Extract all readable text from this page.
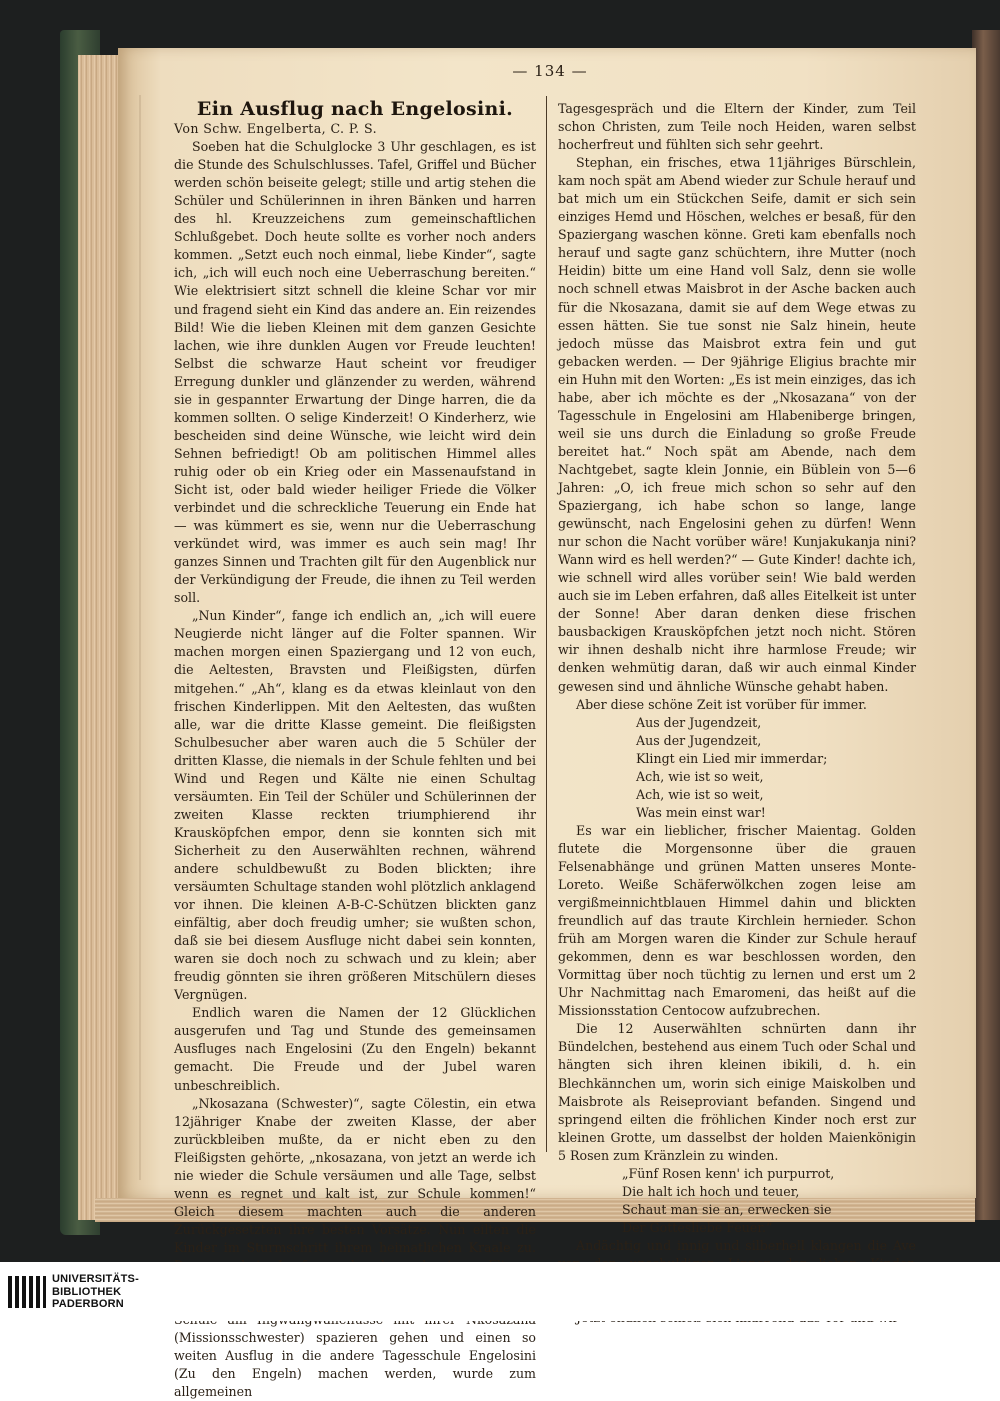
— 134 —
Ein Ausflug nach Engelosini.

Von Schw. Engelberta, C. P. S.

Soeben hat die Schulglocke 3 Uhr geschlagen, es ist die Stunde des Schulschlusses. Tafel, Griffel und Bücher werden schön beiseite gelegt; stille und artig stehen die Schüler und Schülerinnen in ihren Bänken und harren des hl. Kreuzzeichens zum gemeinschaftlichen Schlußgebet. Doch heute sollte es vorher noch anders kommen. „Setzt euch noch einmal, liebe Kinder“, sagte ich, „ich will euch noch eine Ueberraschung bereiten.“ Wie elektrisiert sitzt schnell die kleine Schar vor mir und fragend sieht ein Kind das andere an. Ein reizendes Bild! Wie die lieben Kleinen mit dem ganzen Gesichte lachen, wie ihre dunklen Augen vor Freude leuchten! Selbst die schwarze Haut scheint vor freudiger Erregung dunkler und glänzender zu werden, während sie in gespannter Erwartung der Dinge harren, die da kommen sollten. O selige Kinderzeit! O Kinderherz, wie bescheiden sind deine Wünsche, wie leicht wird dein Sehnen befriedigt! Ob am politischen Himmel alles ruhig oder ob ein Krieg oder ein Massenaufstand in Sicht ist, oder bald wieder heiliger Friede die Völker verbindet und die schreckliche Teuerung ein Ende hat — was kümmert es sie, wenn nur die Ueberraschung verkündet wird, was immer es auch sein mag! Ihr ganzes Sinnen und Trachten gilt für den Augenblick nur der Verkündigung der Freude, die ihnen zu Teil werden soll.

„Nun Kinder“, fange ich endlich an, „ich will euere Neugierde nicht länger auf die Folter spannen. Wir machen morgen einen Spaziergang und 12 von euch, die Aeltesten, Bravsten und Fleißigsten, dürfen mitgehen.“ „Ah“, klang es da etwas kleinlaut von den frischen Kinderlippen. Mit den Aeltesten, das wußten alle, war die dritte Klasse gemeint. Die fleißigsten Schulbesucher aber waren auch die 5 Schüler der dritten Klasse, die niemals in der Schule fehlten und bei Wind und Regen und Kälte nie einen Schultag versäumten. Ein Teil der Schüler und Schülerinnen der zweiten Klasse reckten triumphierend ihr Krausköpfchen empor, denn sie konnten sich mit Sicherheit zu den Auserwählten rechnen, während andere schuldbewußt zu Boden blickten; ihre versäumten Schultage standen wohl plötzlich anklagend vor ihnen. Die kleinen A-B-C-Schützen blickten ganz einfältig, aber doch freudig umher; sie wußten schon, daß sie bei diesem Ausfluge nicht dabei sein konnten, waren sie doch noch zu schwach und zu klein; aber freudig gönnten sie ihren größeren Mitschülern dieses Vergnügen.

Endlich waren die Namen der 12 Glücklichen ausgerufen und Tag und Stunde des gemeinsamen Ausfluges nach Engelosini (Zu den Engeln) bekannt gemacht. Die Freude und der Jubel waren unbeschreiblich.

„Nkosazana (Schwester)“, sagte Cölestin, ein etwa 12jähriger Knabe der zweiten Klasse, der aber zurückbleiben mußte, da er nicht eben zu den Fleißigsten gehörte, „nkosazana, von jetzt an werde ich nie wieder die Schule versäumen und alle Tage, selbst wenn es regnet und kalt ist, zur Schule kommen!“ Gleich diesem machten auch die anderen Zurückgesetzten ihre besten Vorsätze. Nun eilten die Kinder im Sturmschritt ihrem heimatlichen Kraale zu.

(Missionsschwester) spazieren gehen und einen so weiten Ausflug in die andere Tagesschule Engelosini (Zu den Engeln) machen werden, wurde zum allgemeinen

Tagesgespräch und die Eltern der Kinder, zum Teil schon Christen, zum Teile noch Heiden, waren selbst hocherfreut und fühlten sich sehr geehrt.

Stephan, ein frisches, etwa 11jähriges Bürschlein, kam noch spät am Abend wieder zur Schule herauf und bat mich um ein Stückchen Seife, damit er sich sein einziges Hemd und Höschen, welches er besaß, für den Spaziergang waschen könne. Greti kam ebenfalls noch herauf und sagte ganz schüchtern, ihre Mutter (noch Heidin) bitte um eine Hand voll Salz, denn sie wolle noch schnell etwas Maisbrot in der Asche backen auch für die Nkosazana, damit sie auf dem Wege etwas zu essen hätten. Sie tue sonst nie Salz hinein, heute jedoch müsse das Maisbrot extra fein und gut gebacken werden. — Der 9jährige Eligius brachte mir ein Huhn mit den Worten: „Es ist mein einziges, das ich habe, aber ich möchte es der „Nkosazana“ von der Tagesschule in Engelosini am Hlabeniberge bringen, weil sie uns durch die Einladung so große Freude bereitet hat.“ Noch spät am Abende, nach dem Nachtgebet, sagte klein Jonnie, ein Büblein von 5—6 Jahren: „O, ich freue mich schon so sehr auf den Spaziergang, ich habe schon so lange, lange gewünscht, nach Engelosini gehen zu dürfen! Wenn nur schon die Nacht vorüber wäre! Kunjakukanja nini? Wann wird es hell werden?“ — Gute Kinder! dachte ich, wie schnell wird alles vorüber sein! Wie bald werden auch sie im Leben erfahren, daß alles Eitelkeit ist unter der Sonne! Aber daran denken diese frischen bausbackigen Krausköpfchen jetzt noch nicht. Stören wir ihnen deshalb nicht ihre harmlose Freude; wir denken wehmütig daran, daß wir auch einmal Kinder gewesen sind und ähnliche Wünsche gehabt haben.

Aber diese schöne Zeit ist vorüber für immer.

Aus der Jugendzeit,
Aus der Jugendzeit,
Klingt ein Lied mir immerdar;
Ach, wie ist so weit,
Ach, wie ist so weit,
Was mein einst war!

Es war ein lieblicher, frischer Maientag. Golden flutete die Morgensonne über die grauen Felsenabhänge und grünen Matten unseres Monte-Loreto. Weiße Schäferwölkchen zogen leise am vergißmeinnichtblauen Himmel dahin und blickten freundlich auf das traute Kirchlein hernieder. Schon früh am Morgen waren die Kinder zur Schule herauf gekommen, denn es war beschlossen worden, den Vormittag über noch tüchtig zu lernen und erst um 2 Uhr Nachmittag nach Emaromeni, das heißt auf die Missionsstation Centocow aufzubrechen.

Die 12 Auserwählten schnürten dann ihr Bündelchen, bestehend aus einem Tuch oder Schal und hängten sich ihren kleinen ibikili, d. h. ein Blechkännchen um, worin sich einige Maiskolben und Maisbrote als Reiseproviant befanden. Singend und springend eilten die fröhlichen Kinder noch erst zur kleinen Grotte, um dasselbst der holden Maienkönigin 5 Rosen zum Kränzlein zu winden.

„Fünf Rosen kenn' ich purpurrot,
Die halt ich hoch und teuer,
Schaut man sie an, erwecken sie
Der Gottesliebe Feuer.“

Andächtig und innig und silberhell klangen die Ave

UNIVERSITÄTS-
BIBLIOTHEK
PADERBORN
